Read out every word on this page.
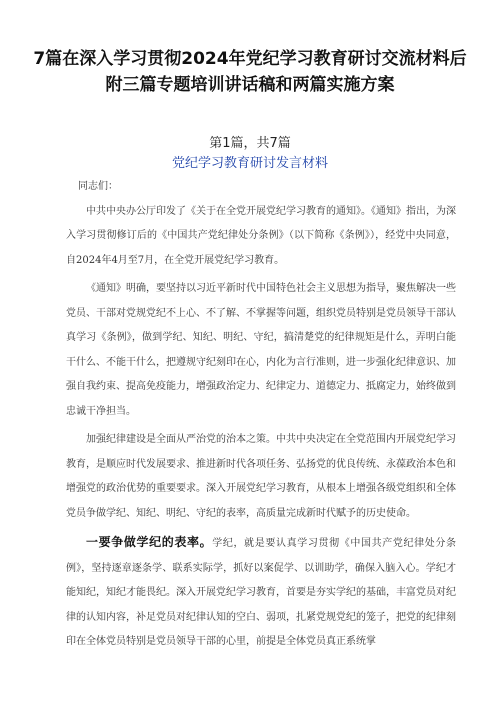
7篇在深入学习贯彻2024年党纪学习教育研讨交流材料后附三篇专题培训讲话稿和两篇实施方案
第1篇，共7篇
党纪学习教育研讨发言材料

同志们：

中共中央办公厅印发了《关于在全党开展党纪学习教育的通知》。《通知》指出，为深入学习贯彻修订后的《中国共产党纪律处分条例》（以下简称《条例》），经党中央同意，自2024年4月至7月，在全党开展党纪学习教育。

《通知》明确，要坚持以习近平新时代中国特色社会主义思想为指导，聚焦解决一些党员、干部对党规党纪不上心、不了解、不掌握等问题，组织党员特别是党员领导干部认真学习《条例》，做到学纪、知纪、明纪、守纪，搞清楚党的纪律规矩是什么，弄明白能干什么、不能干什么，把遵规守纪刻印在心，内化为言行准则，进一步强化纪律意识、加强自我约束、提高免疫能力，增强政治定力、纪律定力、道德定力、抵腐定力，始终做到忠诚干净担当。

加强纪律建设是全面从严治党的治本之策。中共中央决定在全党范围内开展党纪学习教育，是顺应时代发展要求、推进新时代各项任务、弘扬党的优良传统、永葆政治本色和增强党的政治优势的重要要求。深入开展党纪学习教育，从根本上增强各级党组织和全体党员争做学纪、知纪、明纪、守纪的表率，高质量完成新时代赋予的历史使命。

一要争做学纪的表率。学纪，就是要认真学习贯彻《中国共产党纪律处分条例》，坚持逐章逐条学、联系实际学，抓好以案促学、以训助学，确保入脑入心。学纪才能知纪，知纪才能畏纪。深入开展党纪学习教育，首要是夯实学纪的基础，丰富党员对纪律的认知内容，补足党员对纪律认知的空白、弱项，扎紧党规党纪的笼子，把党的纪律刻印在全体党员特别是党员领导干部的心里，前提是全体党员真正系统掌
